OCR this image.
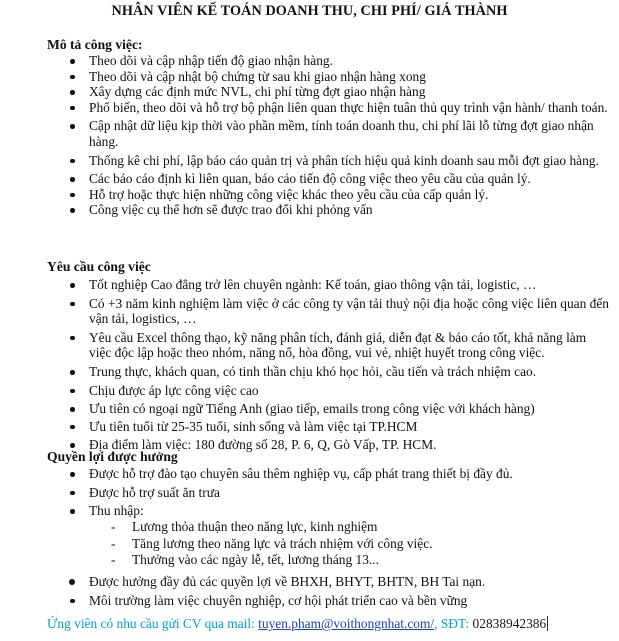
NHÂN VIÊN KẾ TOÁN DOANH THU, CHI PHÍ/ GIÁ THÀNH
Mô tả công việc:
Theo dõi và cập nhập tiến độ giao nhận hàng.
Theo dõi và cập nhật bộ chứng từ sau khi giao nhận hàng xong
Xây dựng các định mức NVL, chi phí từng đợt giao nhận hàng
Phổ biến, theo dõi và hỗ trợ bộ phận liên quan thực hiện tuân thủ quy trình vận hành/ thanh toán.
Cập nhật dữ liệu kịp thời vào phần mềm, tính toán doanh thu, chi phí lãi lỗ từng đợt giao nhận hàng.
Thống kê chi phí, lập báo cáo quản trị và phân tích hiệu quả kinh doanh sau mỗi đợt giao hàng.
Các báo cáo định kì liên quan, báo cáo tiến độ công việc theo yêu cầu của quản lý.
Hỗ trợ hoặc thực hiện những công việc khác theo yêu cầu của cấp quản lý.
Công việc cụ thể hơn sẽ được trao đổi khi phỏng vấn
Yêu cầu công việc
Tốt nghiệp Cao đẳng trở lên chuyên ngành: Kế toán, giao thông vận tải, logistic, …
Có +3 năm kinh nghiệm làm việc ở các công ty vận tải thuỷ nội địa hoặc công việc liên quan đến vận tải, logistics, …
Yêu cầu Excel thông thạo, kỹ năng phân tích, đánh giá, diễn đạt & báo cáo tốt, khả năng làm việc độc lập hoặc theo nhóm, năng nổ, hòa đồng, vui vẻ, nhiệt huyết trong công việc.
Trung thực, khách quan, có tinh thần chịu khó học hỏi, cầu tiến và trách nhiệm cao.
Chịu được áp lực công việc cao
Ưu tiên có ngoại ngữ Tiếng Anh (giao tiếp, emails trong công việc với khách hàng)
Ưu tiên tuổi từ 25-35 tuổi, sinh sống và làm việc tại TP.HCM
Địa điểm làm việc: 180 đường số 28, P. 6, Q, Gò Vấp, TP. HCM.
Quyền lợi được hưởng
Được hỗ trợ đào tạo chuyên sâu thêm nghiệp vụ, cấp phát trang thiết bị đầy đủ.
Được hỗ trợ suất ăn trưa
Thu nhập:
- Lương thỏa thuận theo năng lực, kinh nghiệm
- Tăng lương theo năng lực và trách nhiệm với công việc.
- Thưởng vào các ngày lễ, tết, lương tháng 13...
Được hưởng đầy đủ các quyền lợi về BHXH, BHYT, BHTN, BH Tai nạn.
Môi trường làm việc chuyên nghiệp, cơ hội phát triển cao và bền vững
Ứng viên có nhu cầu gửi CV qua mail: tuyen.pham@voithongnhat.com/, SĐT: 02838942386
